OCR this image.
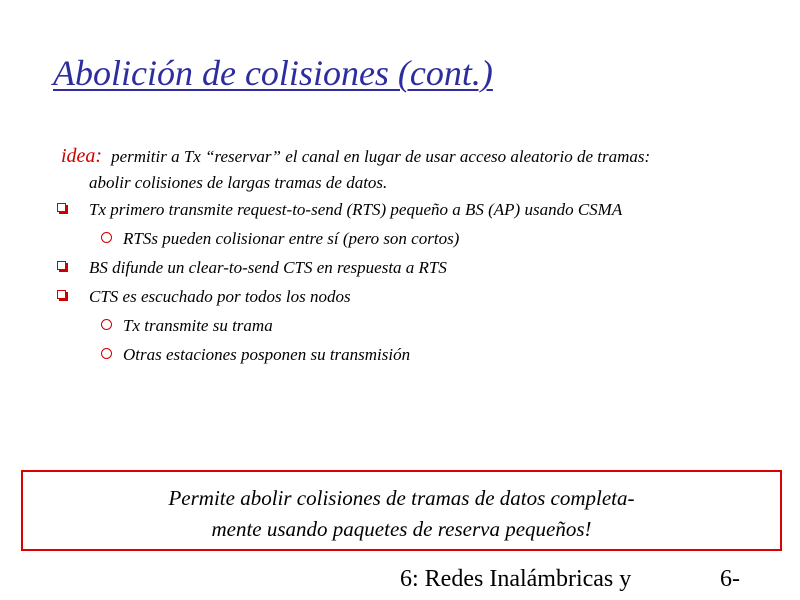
Abolición de colisiones (cont.)
idea: permitir a Tx “reservar” el canal en lugar de usar acceso aleatorio de tramas:
abolir colisiones de largas tramas de datos.
Tx primero transmite request-to-send (RTS) pequeño a BS (AP) usando CSMA
RTSs pueden colisionar entre sí (pero son cortos)
BS difunde un clear-to-send CTS en respuesta a RTS
CTS es escuchado por todos los nodos
Tx transmite su trama
Otras estaciones posponen su transmisión
Permite abolir colisiones de tramas de datos completa-
mente usando paquetes de reserva pequeños!
6: Redes Inalámbricas y	6-
